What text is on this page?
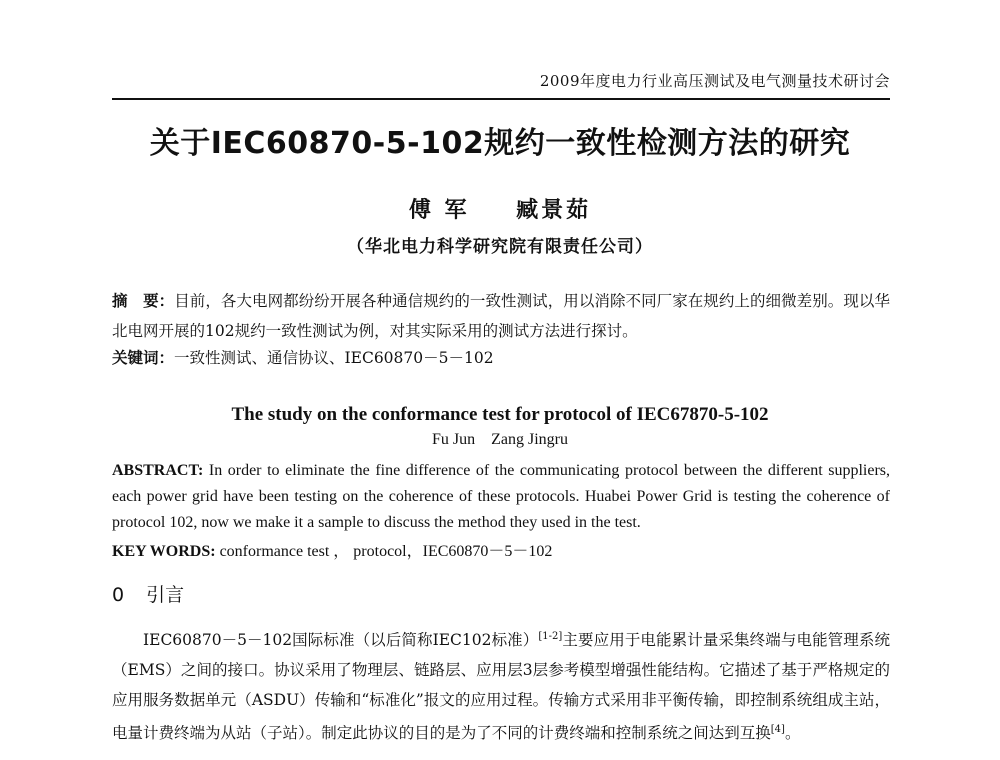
2009年度电力行业高压测试及电气测量技术研讨会
关于IEC60870-5-102规约一致性检测方法的研究
傅 军 臧景茹
（华北电力科学研究院有限责任公司）
摘　要：目前，各大电网都纷纷开展各种通信规约的一致性测试，用以消除不同厂家在规约上的细微差别。现以华北电网开展的102规约一致性测试为例，对其实际采用的测试方法进行探讨。
关键词：一致性测试、通信协议、IEC60870－5－102
The study on the conformance test for protocol of IEC67870-5-102
Fu Jun Zang Jingru
ABSTRACT: In order to eliminate the fine difference of the communicating protocol between the different suppliers, each power grid have been testing on the coherence of these protocols. Huabei Power Grid is testing the coherence of protocol 102, now we make it a sample to discuss the method they used in the test.
KEY WORDS: conformance test ， protocol，IEC60870－5－102
0 引言
IEC60870－5－102国际标准（以后简称IEC102标准）[1-2]主要应用于电能累计量采集终端与电能管理系统（EMS）之间的接口。协议采用了物理层、链路层、应用层3层参考模型增强性能结构。它描述了基于严格规定的应用服务数据单元（ASDU）传输和“标准化”报文的应用过程。传输方式采用非平衡传输，即控制系统组成主站，电量计费终端为从站（子站）。制定此协议的目的是为了不同的计费终端和控制系统之间达到互换[4]。
